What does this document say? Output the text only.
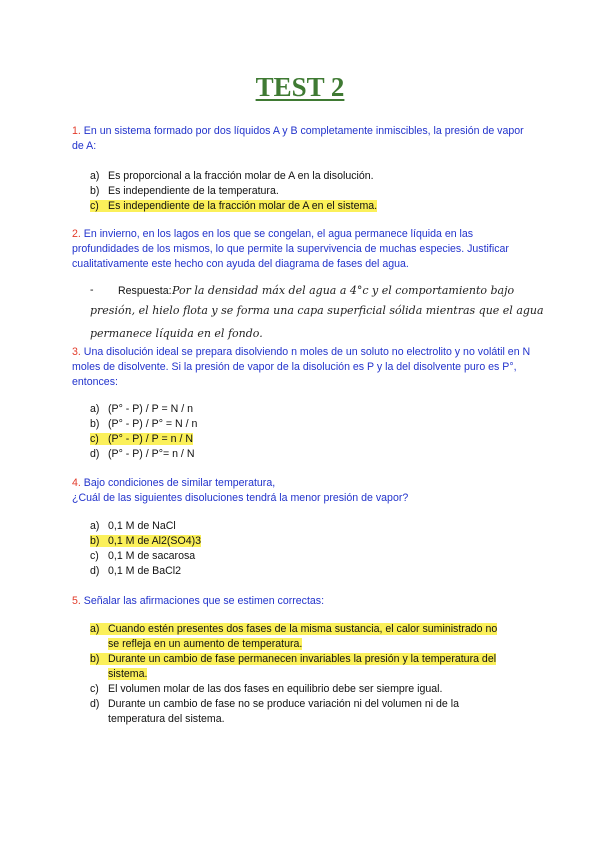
TEST 2
1. En un sistema formado por dos líquidos A y B completamente inmiscibles, la presión de vapor de A:
a) Es proporcional a la fracción molar de A en la disolución.
b) Es independiente de la temperatura.
c) Es independiente de la fracción molar de A en el sistema.
2. En invierno, en los lagos en los que se congelan, el agua permanece líquida en las profundidades de los mismos, lo que permite la supervivencia de muchas especies. Justificar cualitativamente este hecho con ayuda del diagrama de fases del agua.
- Respuesta: Por la densidad máx del agua a 4°c y el comportamiento bajo
presión, el hielo flota y se forma una capa superficial sólida mientras que el agua
permanece líquida en el fondo.
3. Una disolución ideal se prepara disolviendo n moles de un soluto no electrolito y no volátil en N moles de disolvente. Si la presión de vapor de la disolución es P y la del disolvente puro es P°, entonces:
a) (P° - P) / P = N / n
b) (P° - P) / P° = N / n
c) (P° - P) / P = n / N
d) (P° - P) / P°= n / N
4. Bajo condiciones de similar temperatura,
¿Cuál de las siguientes disoluciones tendrá la menor presión de vapor?
a) 0,1 M de NaCl
b) 0,1 M de Al2(SO4)3
c) 0,1 M de sacarosa
d) 0,1 M de BaCl2
5. Señalar las afirmaciones que se estimen correctas:
a) Cuando estén presentes dos fases de la misma sustancia, el calor suministrado no
se refleja en un aumento de temperatura.
b) Durante un cambio de fase permanecen invariables la presión y la temperatura del
sistema.
c) El volumen molar de las dos fases en equilibrio debe ser siempre igual.
d) Durante un cambio de fase no se produce variación ni del volumen ni de la
temperatura del sistema.
